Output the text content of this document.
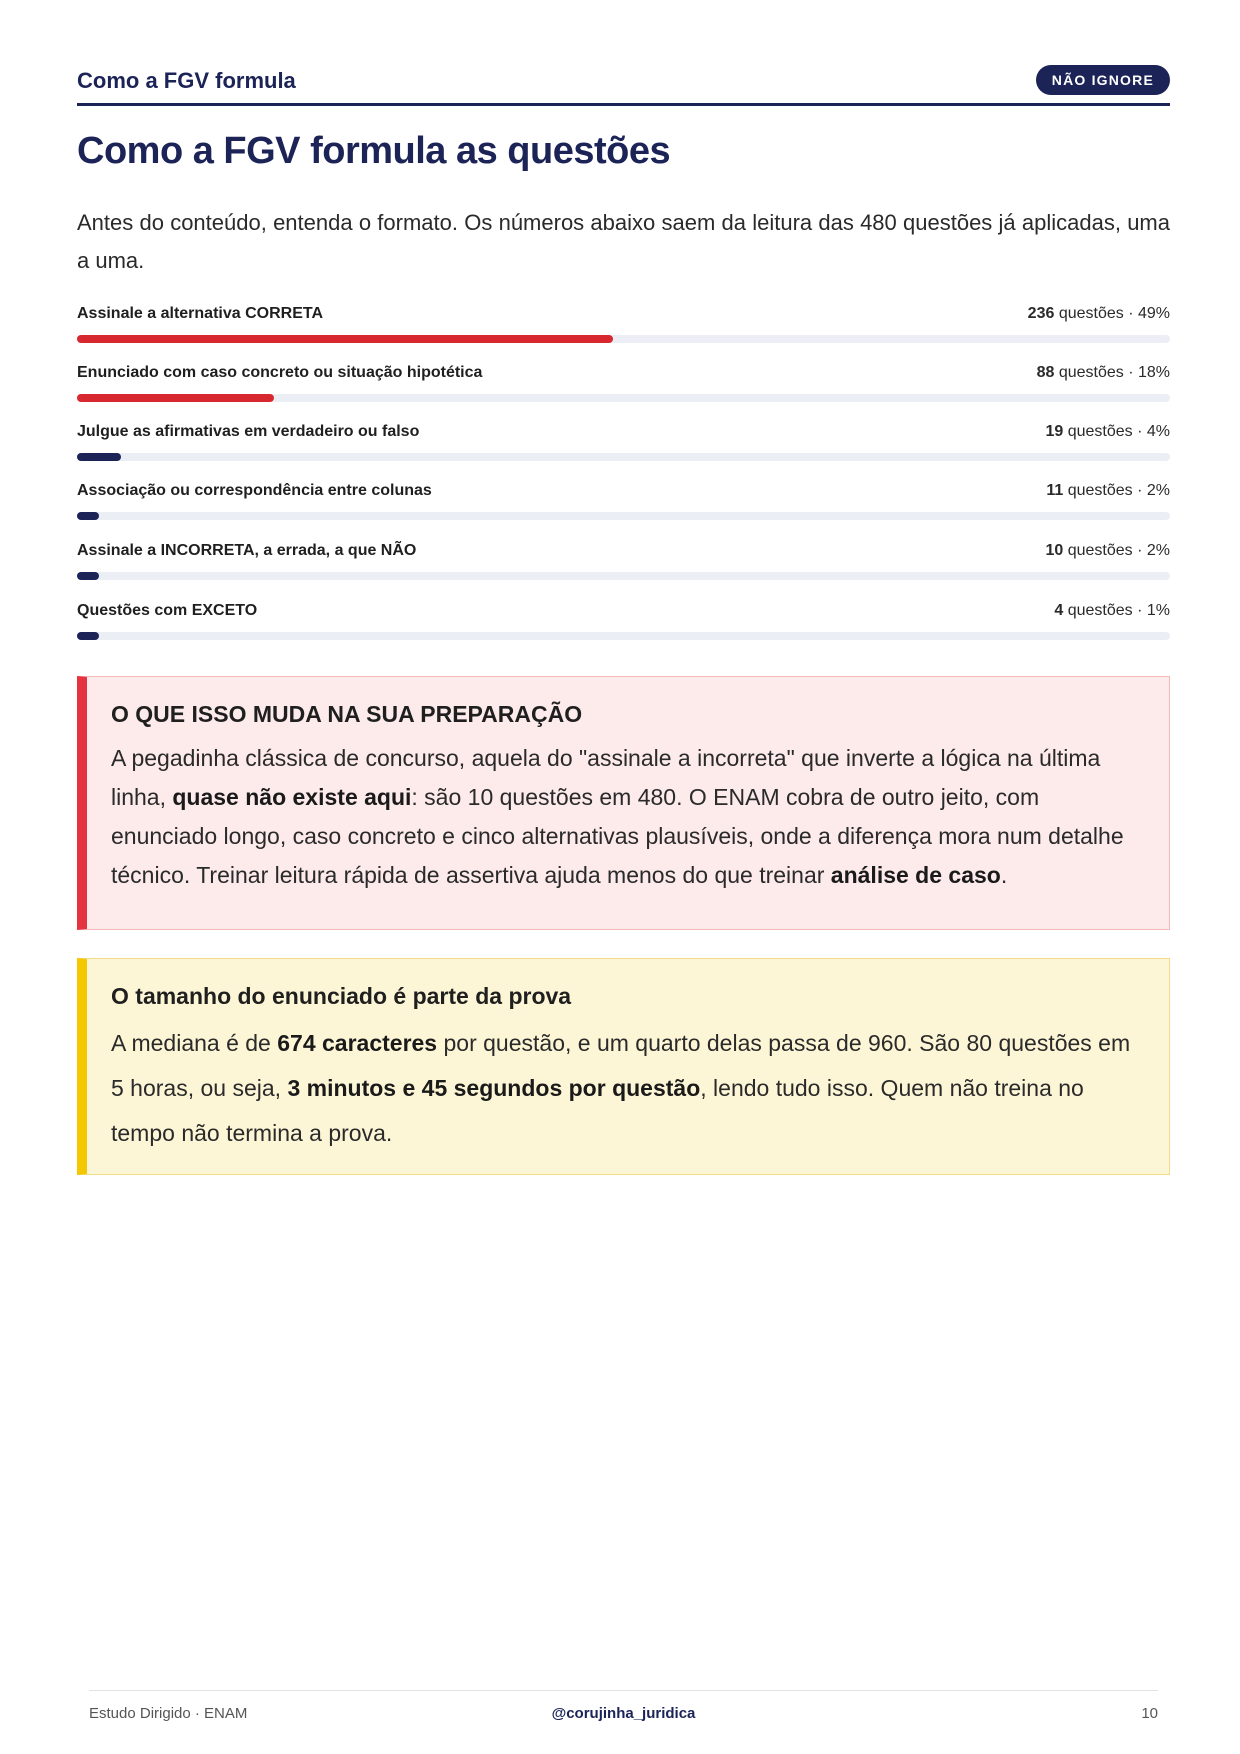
Como a FGV formula	NÃO IGNORE
Como a FGV formula as questões
Antes do conteúdo, entenda o formato. Os números abaixo saem da leitura das 480 questões já aplicadas, uma a uma.
Assinale a alternativa CORRETA	236 questões · 49%
Enunciado com caso concreto ou situação hipotética	88 questões · 18%
Julgue as afirmativas em verdadeiro ou falso	19 questões · 4%
Associação ou correspondência entre colunas	11 questões · 2%
Assinale a INCORRETA, a errada, a que NÃO	10 questões · 2%
Questões com EXCETO	4 questões · 1%
O QUE ISSO MUDA NA SUA PREPARAÇÃO
A pegadinha clássica de concurso, aquela do "assinale a incorreta" que inverte a lógica na última linha, quase não existe aqui: são 10 questões em 480. O ENAM cobra de outro jeito, com enunciado longo, caso concreto e cinco alternativas plausíveis, onde a diferença mora num detalhe técnico. Treinar leitura rápida de assertiva ajuda menos do que treinar análise de caso.
O tamanho do enunciado é parte da prova
A mediana é de 674 caracteres por questão, e um quarto delas passa de 960. São 80 questões em 5 horas, ou seja, 3 minutos e 45 segundos por questão, lendo tudo isso. Quem não treina no tempo não termina a prova.
Estudo Dirigido · ENAM	@corujinha_juridica	10
